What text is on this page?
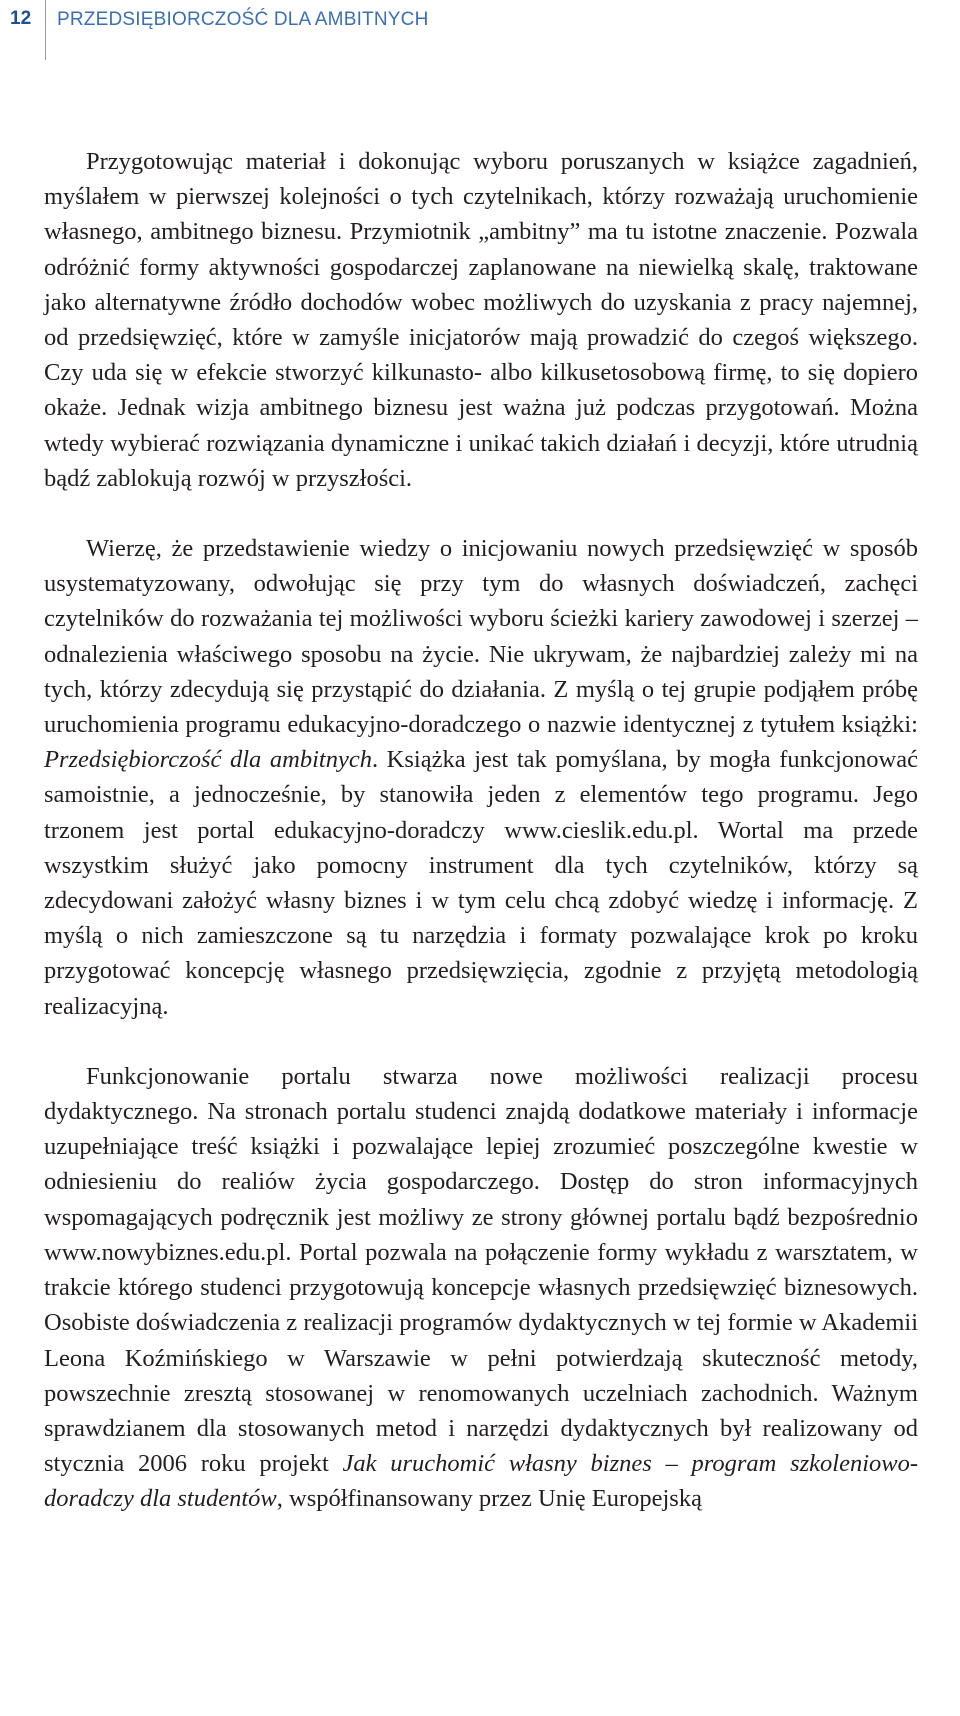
12 PRZEDSIĘBIORCZOŚĆ DLA AMBITNYCH

Przygotowując materiał i dokonując wyboru poruszanych w książce zagadnień, myślałem w pierwszej kolejności o tych czytelnikach, którzy rozważają uruchomienie własnego, ambitnego biznesu. Przymiotnik „ambitny” ma tu istotne znaczenie. Pozwala odróżnić formy aktywności gospodarczej zaplanowane na niewielką skalę, traktowane jako alternatywne źródło dochodów wobec możliwych do uzyskania z pracy najemnej, od przedsięwzięć, które w zamyśle inicjatorów mają prowadzić do czegoś większego. Czy uda się w efekcie stworzyć kilkunasto- albo kilkusetosobową firmę, to się dopiero okaże. Jednak wizja ambitnego biznesu jest ważna już podczas przygotowań. Można wtedy wybierać rozwiązania dynamiczne i unikać takich działań i decyzji, które utrudnią bądź zablokują rozwój w przyszłości.

Wierzę, że przedstawienie wiedzy o inicjowaniu nowych przedsięwzięć w sposób usystematyzowany, odwołując się przy tym do własnych doświadczeń, zachęci czytelników do rozważania tej możliwości wyboru ścieżki kariery zawodowej i szerzej – odnalezienia właściwego sposobu na życie. Nie ukrywam, że najbardziej zależy mi na tych, którzy zdecydują się przystąpić do działania. Z myślą o tej grupie podjąłem próbę uruchomienia programu edukacyjno-doradczego o nazwie identycznej z tytułem książki: Przedsiębiorczość dla ambitnych. Książka jest tak pomyślana, by mogła funkcjonować samoistnie, a jednocześnie, by stanowiła jeden z elementów tego programu. Jego trzonem jest portal edukacyjno-doradczy www.cieslik.edu.pl. Wortal ma przede wszystkim służyć jako pomocny instrument dla tych czytelników, którzy są zdecydowani założyć własny biznes i w tym celu chcą zdobyć wiedzę i informację. Z myślą o nich zamieszczone są tu narzędzia i formaty pozwalające krok po kroku przygotować koncepcję własnego przedsięwzięcia, zgodnie z przyjętą metodologią realizacyjną.

Funkcjonowanie portalu stwarza nowe możliwości realizacji procesu dydaktycznego. Na stronach portalu studenci znajdą dodatkowe materiały i informacje uzupełniające treść książki i pozwalające lepiej zrozumieć poszczególne kwestie w odniesieniu do realiów życia gospodarczego. Dostęp do stron informacyjnych wspomagających podręcznik jest możliwy ze strony głównej portalu bądź bezpośrednio www.nowybiznes.edu.pl. Portal pozwala na połączenie formy wykładu z warsztatem, w trakcie którego studenci przygotowują koncepcje własnych przedsięwzięć biznesowych. Osobiste doświadczenia z realizacji programów dydaktycznych w tej formie w Akademii Leona Koźmińskiego w Warszawie w pełni potwierdzają skuteczność metody, powszechnie zresztą stosowanej w renomowanych uczelniach zachodnich. Ważnym sprawdzianem dla stosowanych metod i narzędzi dydaktycznych był realizowany od stycznia 2006 roku projekt Jak uruchomić własny biznes – program szkoleniowo-doradczy dla studentów, współfinansowany przez Unię Europejską
